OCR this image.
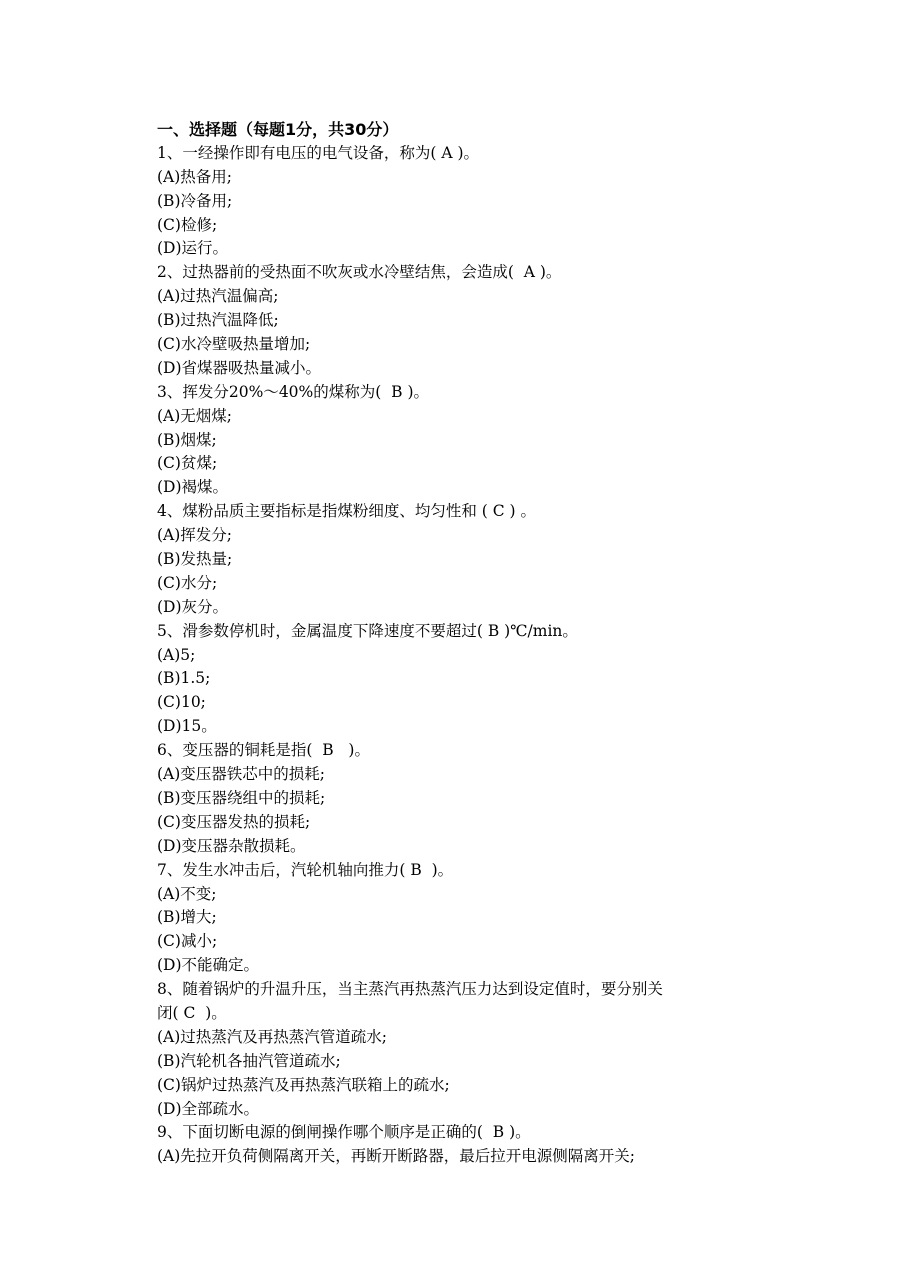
一、选择题（每题1分，共30分）
1、一经操作即有电压的电气设备，称为( A )。
(A)热备用;
(B)冷备用;
(C)检修;
(D)运行。
2、过热器前的受热面不吹灰或水冷壁结焦，会造成(  A )。
(A)过热汽温偏高;
(B)过热汽温降低;
(C)水冷壁吸热量增加;
(D)省煤器吸热量减小。
3、挥发分20%～40%的煤称为(  B )。
(A)无烟煤;
(B)烟煤;
(C)贫煤;
(D)褐煤。
4、煤粉品质主要指标是指煤粉细度、均匀性和 ( C ) 。
(A)挥发分;
(B)发热量;
(C)水分;
(D)灰分。
5、滑参数停机时，金属温度下降速度不要超过( B )℃/min。
(A)5;
(B)1.5;
(C)10;
(D)15。
6、变压器的铜耗是指(  B   )。
(A)变压器铁芯中的损耗;
(B)变压器绕组中的损耗;
(C)变压器发热的损耗;
(D)变压器杂散损耗。
7、发生水冲击后，汽轮机轴向推力( B  )。
(A)不变;
(B)增大;
(C)减小;
(D)不能确定。
8、随着锅炉的升温升压，当主蒸汽再热蒸汽压力达到设定值时，要分别关
闭( C  )。
(A)过热蒸汽及再热蒸汽管道疏水;
(B)汽轮机各抽汽管道疏水;
(C)锅炉过热蒸汽及再热蒸汽联箱上的疏水;
(D)全部疏水。
9、下面切断电源的倒闸操作哪个顺序是正确的(  B )。
(A)先拉开负荷侧隔离开关，再断开断路器，最后拉开电源侧隔离开关;
